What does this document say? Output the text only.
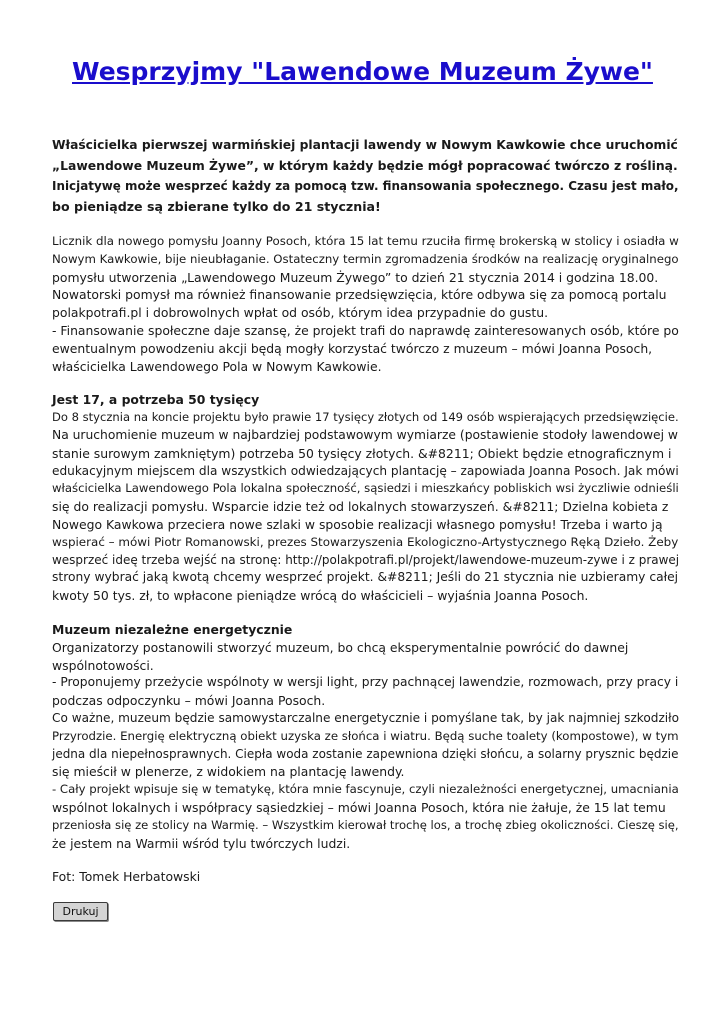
Wesprzyjmy "Lawendowe Muzeum Żywe"

Właścicielka pierwszej warmińskiej plantacji lawendy w Nowym Kawkowie chce uruchomić
„Lawendowe Muzeum Żywe”, w którym każdy będzie mógł popracować twórczo z rośliną.
Inicjatywę może wesprzeć każdy za pomocą tzw. finansowania społecznego. Czasu jest mało,
bo pieniądze są zbierane tylko do 21 stycznia!

Licznik dla nowego pomysłu Joanny Posoch, która 15 lat temu rzuciła firmę brokerską w stolicy i osiadła w
Nowym Kawkowie, bije nieubłaganie. Ostateczny termin zgromadzenia środków na realizację oryginalnego
pomysłu utworzenia „Lawendowego Muzeum Żywego” to dzień 21 stycznia 2014 i godzina 18.00.
Nowatorski pomysł ma również finansowanie przedsięwzięcia, które odbywa się za pomocą portalu
polakpotrafi.pl i dobrowolnych wpłat od osób, którym idea przypadnie do gustu.
- Finansowanie społeczne daje szansę, że projekt trafi do naprawdę zainteresowanych osób, które po
ewentualnym powodzeniu akcji będą mogły korzystać twórczo z muzeum – mówi Joanna Posoch,
właścicielka Lawendowego Pola w Nowym Kawkowie.

Jest 17, a potrzeba 50 tysięcy
Do 8 stycznia na koncie projektu było prawie 17 tysięcy złotych od 149 osób wspierających przedsięwzięcie.
Na uruchomienie muzeum w najbardziej podstawowym wymiarze (postawienie stodoły lawendowej w
stanie surowym zamkniętym) potrzeba 50 tysięcy złotych. &#8211; Obiekt będzie etnograficznym i
edukacyjnym miejscem dla wszystkich odwiedzających plantację – zapowiada Joanna Posoch. Jak mówi
właścicielka Lawendowego Pola lokalna społeczność, sąsiedzi i mieszkańcy pobliskich wsi życzliwie odnieśli
się do realizacji pomysłu. Wsparcie idzie też od lokalnych stowarzyszeń. &#8211; Dzielna kobieta z
Nowego Kawkowa przeciera nowe szlaki w sposobie realizacji własnego pomysłu! Trzeba i warto ją
wspierać – mówi Piotr Romanowski, prezes Stowarzyszenia Ekologiczno-Artystycznego Ręką Dzieło. Żeby
wesprzeć ideę trzeba wejść na stronę: http://polakpotrafi.pl/projekt/lawendowe-muzeum-zywe i z prawej
strony wybrać jaką kwotą chcemy wesprzeć projekt. &#8211; Jeśli do 21 stycznia nie uzbieramy całej
kwoty 50 tys. zł, to wpłacone pieniądze wrócą do właścicieli – wyjaśnia Joanna Posoch.

Muzeum niezależne energetycznie
Organizatorzy postanowili stworzyć muzeum, bo chcą eksperymentalnie powrócić do dawnej
wspólnotowości.
- Proponujemy przeżycie wspólnoty w wersji light, przy pachnącej lawendzie, rozmowach, przy pracy i
podczas odpoczynku – mówi Joanna Posoch.
Co ważne, muzeum będzie samowystarczalne energetycznie i pomyślane tak, by jak najmniej szkodziło
Przyrodzie. Energię elektryczną obiekt uzyska ze słońca i wiatru. Będą suche toalety (kompostowe), w tym
jedna dla niepełnosprawnych. Ciepła woda zostanie zapewniona dzięki słońcu, a solarny prysznic będzie
się mieścił w plenerze, z widokiem na plantację lawendy.
- Cały projekt wpisuje się w tematykę, która mnie fascynuje, czyli niezależności energetycznej, umacniania
wspólnot lokalnych i współpracy sąsiedzkiej – mówi Joanna Posoch, która nie żałuje, że 15 lat temu
przeniosła się ze stolicy na Warmię. – Wszystkim kierował trochę los, a trochę zbieg okoliczności. Cieszę się,
że jestem na Warmii wśród tylu twórczych ludzi.

Fot: Tomek Herbatowski

Drukuj
